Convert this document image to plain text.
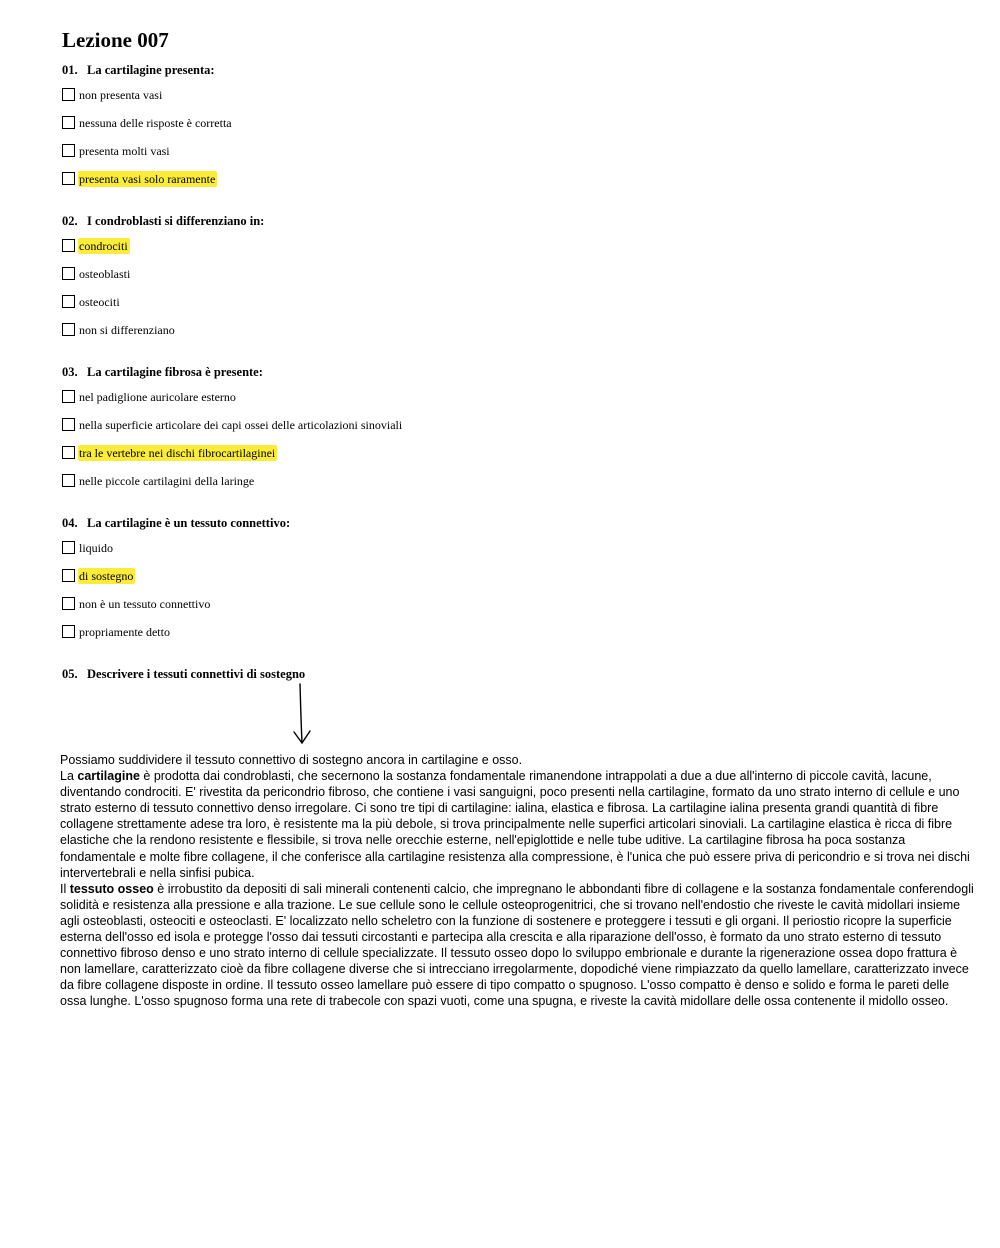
Lezione 007
01. La cartilagine presenta:
non presenta vasi
nessuna delle risposte è corretta
presenta molti vasi
presenta vasi solo raramente
02. I condroblasti si differenziano in:
condrociti
osteoblasti
osteociti
non si differenziano
03. La cartilagine fibrosa è presente:
nel padiglione auricolare esterno
nella superficie articolare dei capi ossei delle articolazioni sinoviali
tra le vertebre nei dischi fibrocartilaginei
nelle piccole cartilagini della laringe
04. La cartilagine è un tessuto connettivo:
liquido
di sostegno
non è un tessuto connettivo
propriamente detto
05. Descrivere i tessuti connettivi di sostegno

Possiamo suddividere il tessuto connettivo di sostegno ancora in cartilagine e osso.

La cartilagine è prodotta dai condroblasti, che secernono la sostanza fondamentale rimanendone intrappolati a due a due all'interno di piccole cavità, lacune, diventando condrociti. E' rivestita da pericondrio fibroso, che contiene i vasi sanguigni, poco presenti nella cartilagine, formato da uno strato interno di cellule e uno strato esterno di tessuto connettivo denso irregolare. Ci sono tre tipi di cartilagine: ialina, elastica e fibrosa. La cartilagine ialina presenta grandi quantità di fibre collagene strettamente adese tra loro, è resistente ma la più debole, si trova principalmente nelle superfici articolari sinoviali. La cartilagine elastica è ricca di fibre elastiche che la rendono resistente e flessibile, si trova nelle orecchie esterne, nell'epiglottide e nelle tube uditive. La cartilagine fibrosa ha poca sostanza fondamentale e molte fibre collagene, il che conferisce alla cartilagine resistenza alla compressione, è l'unica che può essere priva di pericondrio e si trova nei dischi intervertebrali e nella sinfisi pubica.

Il tessuto osseo è irrobustito da depositi di sali minerali contenenti calcio, che impregnano le abbondanti fibre di collagene e la sostanza fondamentale conferendogli solidità e resistenza alla pressione e alla trazione. Le sue cellule sono le cellule osteoprogenitrici, che si trovano nell'endostio che riveste le cavità midollari insieme agli osteoblasti, osteociti e osteoclasti. E' localizzato nello scheletro con la funzione di sostenere e proteggere i tessuti e gli organi. Il periostio ricopre la superficie esterna dell'osso ed isola e protegge l'osso dai tessuti circostanti e partecipa alla crescita e alla riparazione dell'osso, è formato da uno strato esterno di tessuto connettivo fibroso denso e uno strato interno di cellule specializzate. Il tessuto osseo dopo lo sviluppo embrionale e durante la rigenerazione ossea dopo frattura è non lamellare, caratterizzato cioè da fibre collagene diverse che si intrecciano irregolarmente, dopodiché viene rimpiazzato da quello lamellare, caratterizzato invece da fibre collagene disposte in ordine. Il tessuto osseo lamellare può essere di tipo compatto o spugnoso. L'osso compatto è denso e solido e forma le pareti delle ossa lunghe. L'osso spugnoso forma una rete di trabecole con spazi vuoti, come una spugna, e riveste la cavità midollare delle ossa contenente il midollo osseo.
